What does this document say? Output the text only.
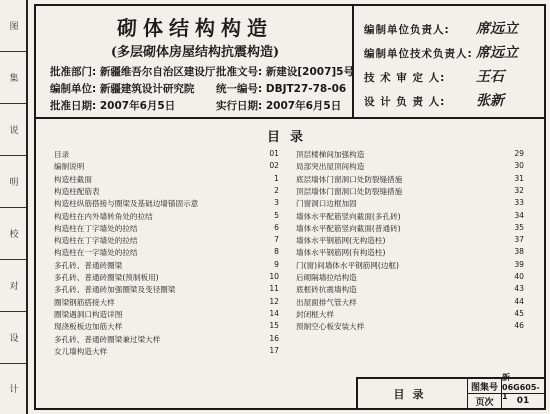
图
集
说
明
校
对
设
计
砌体结构构造
(多层砌体房屋结构抗震构造)
批准部门: 新疆维吾尔自治区建设厅 批准文号: 新建设[2007]5号
编制单位: 新疆建筑设计研究院 统一编号: DBJT27-78-06
批准日期: 2007年6月5日	实行日期: 2007年6月5日
编制单位负责人: 席远立
编制单位技术负责人: 席远立
技 术 审 定 人: 王石
设 计 负 责 人: 张新
目录
目录	01
编制说明	02
构造柱截面	1
构造柱配筋表	2
构造柱纵筋搭接与圈梁及基础边墙锚固示意	3
构造柱在内外墙转角处的拉结	5
构造柱在丁字墙处的拉结	6
构造柱在丁字墙处的拉结	7
构造柱在一字墙处的拉结	8
多孔砖、普通砖圈梁	9
多孔砖、普通砖圈梁(预制板用)	10
多孔砖、普通砖加强圈梁及变径圈梁	11
圈梁钢筋搭接大样	12
圈梁遇洞口构造详图	14
现浇板板边加筋大样	15
多孔砖、普通砖圈梁兼过梁大样	16
女儿墙构造大样	17
顶层楼梯间加强构造	29
局部突出屋顶间构造	30
底层墙体门窗洞口处防裂缝措施	31
顶层墙体门窗洞口处防裂缝措施	32
门窗洞口边框加固	33
墙体水平配筋竖向截面(多孔砖)	34
墙体水平配筋竖向截面(普通砖)	35
墙体水平钢筋网(无构造柱)	37
墙体水平钢筋网(有构造柱)	38
门(窗)间墙体水平钢筋网(边框)	39
后砌隔墙拉结构造	40
底框砖抗震墙构造	43
出屋面排气管大样	44
封闭框大样	45
预制空心板安装大样	46
目录	图集号
新06G605-1
页次	01
